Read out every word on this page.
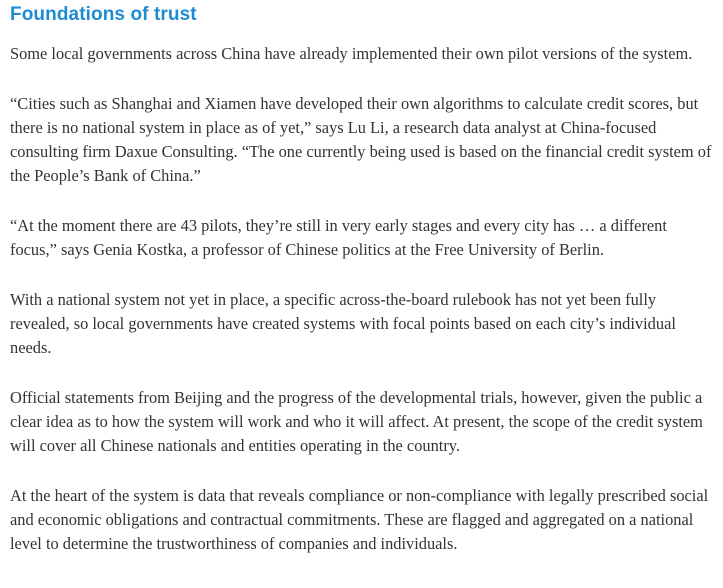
Foundations of trust

Some local governments across China have already implemented their own pilot versions of the system.

“Cities such as Shanghai and Xiamen have developed their own algorithms to calculate credit scores, but there is no national system in place as of yet,” says Lu Li, a research data analyst at China-focused consulting firm Daxue Consulting. “The one currently being used is based on the financial credit system of the People’s Bank of China.”

“At the moment there are 43 pilots, they’re still in very early stages and every city has … a different focus,” says Genia Kostka, a professor of Chinese politics at the Free University of Berlin.

With a national system not yet in place, a specific across-the-board rulebook has not yet been fully revealed, so local governments have created systems with focal points based on each city’s individual needs.

Official statements from Beijing and the progress of the developmental trials, however, given the public a clear idea as to how the system will work and who it will affect. At present, the scope of the credit system will cover all Chinese nationals and entities operating in the country.

At the heart of the system is data that reveals compliance or non-compliance with legally prescribed social and economic obligations and contractual commitments. These are flagged and aggregated on a national level to determine the trustworthiness of companies and individuals.
